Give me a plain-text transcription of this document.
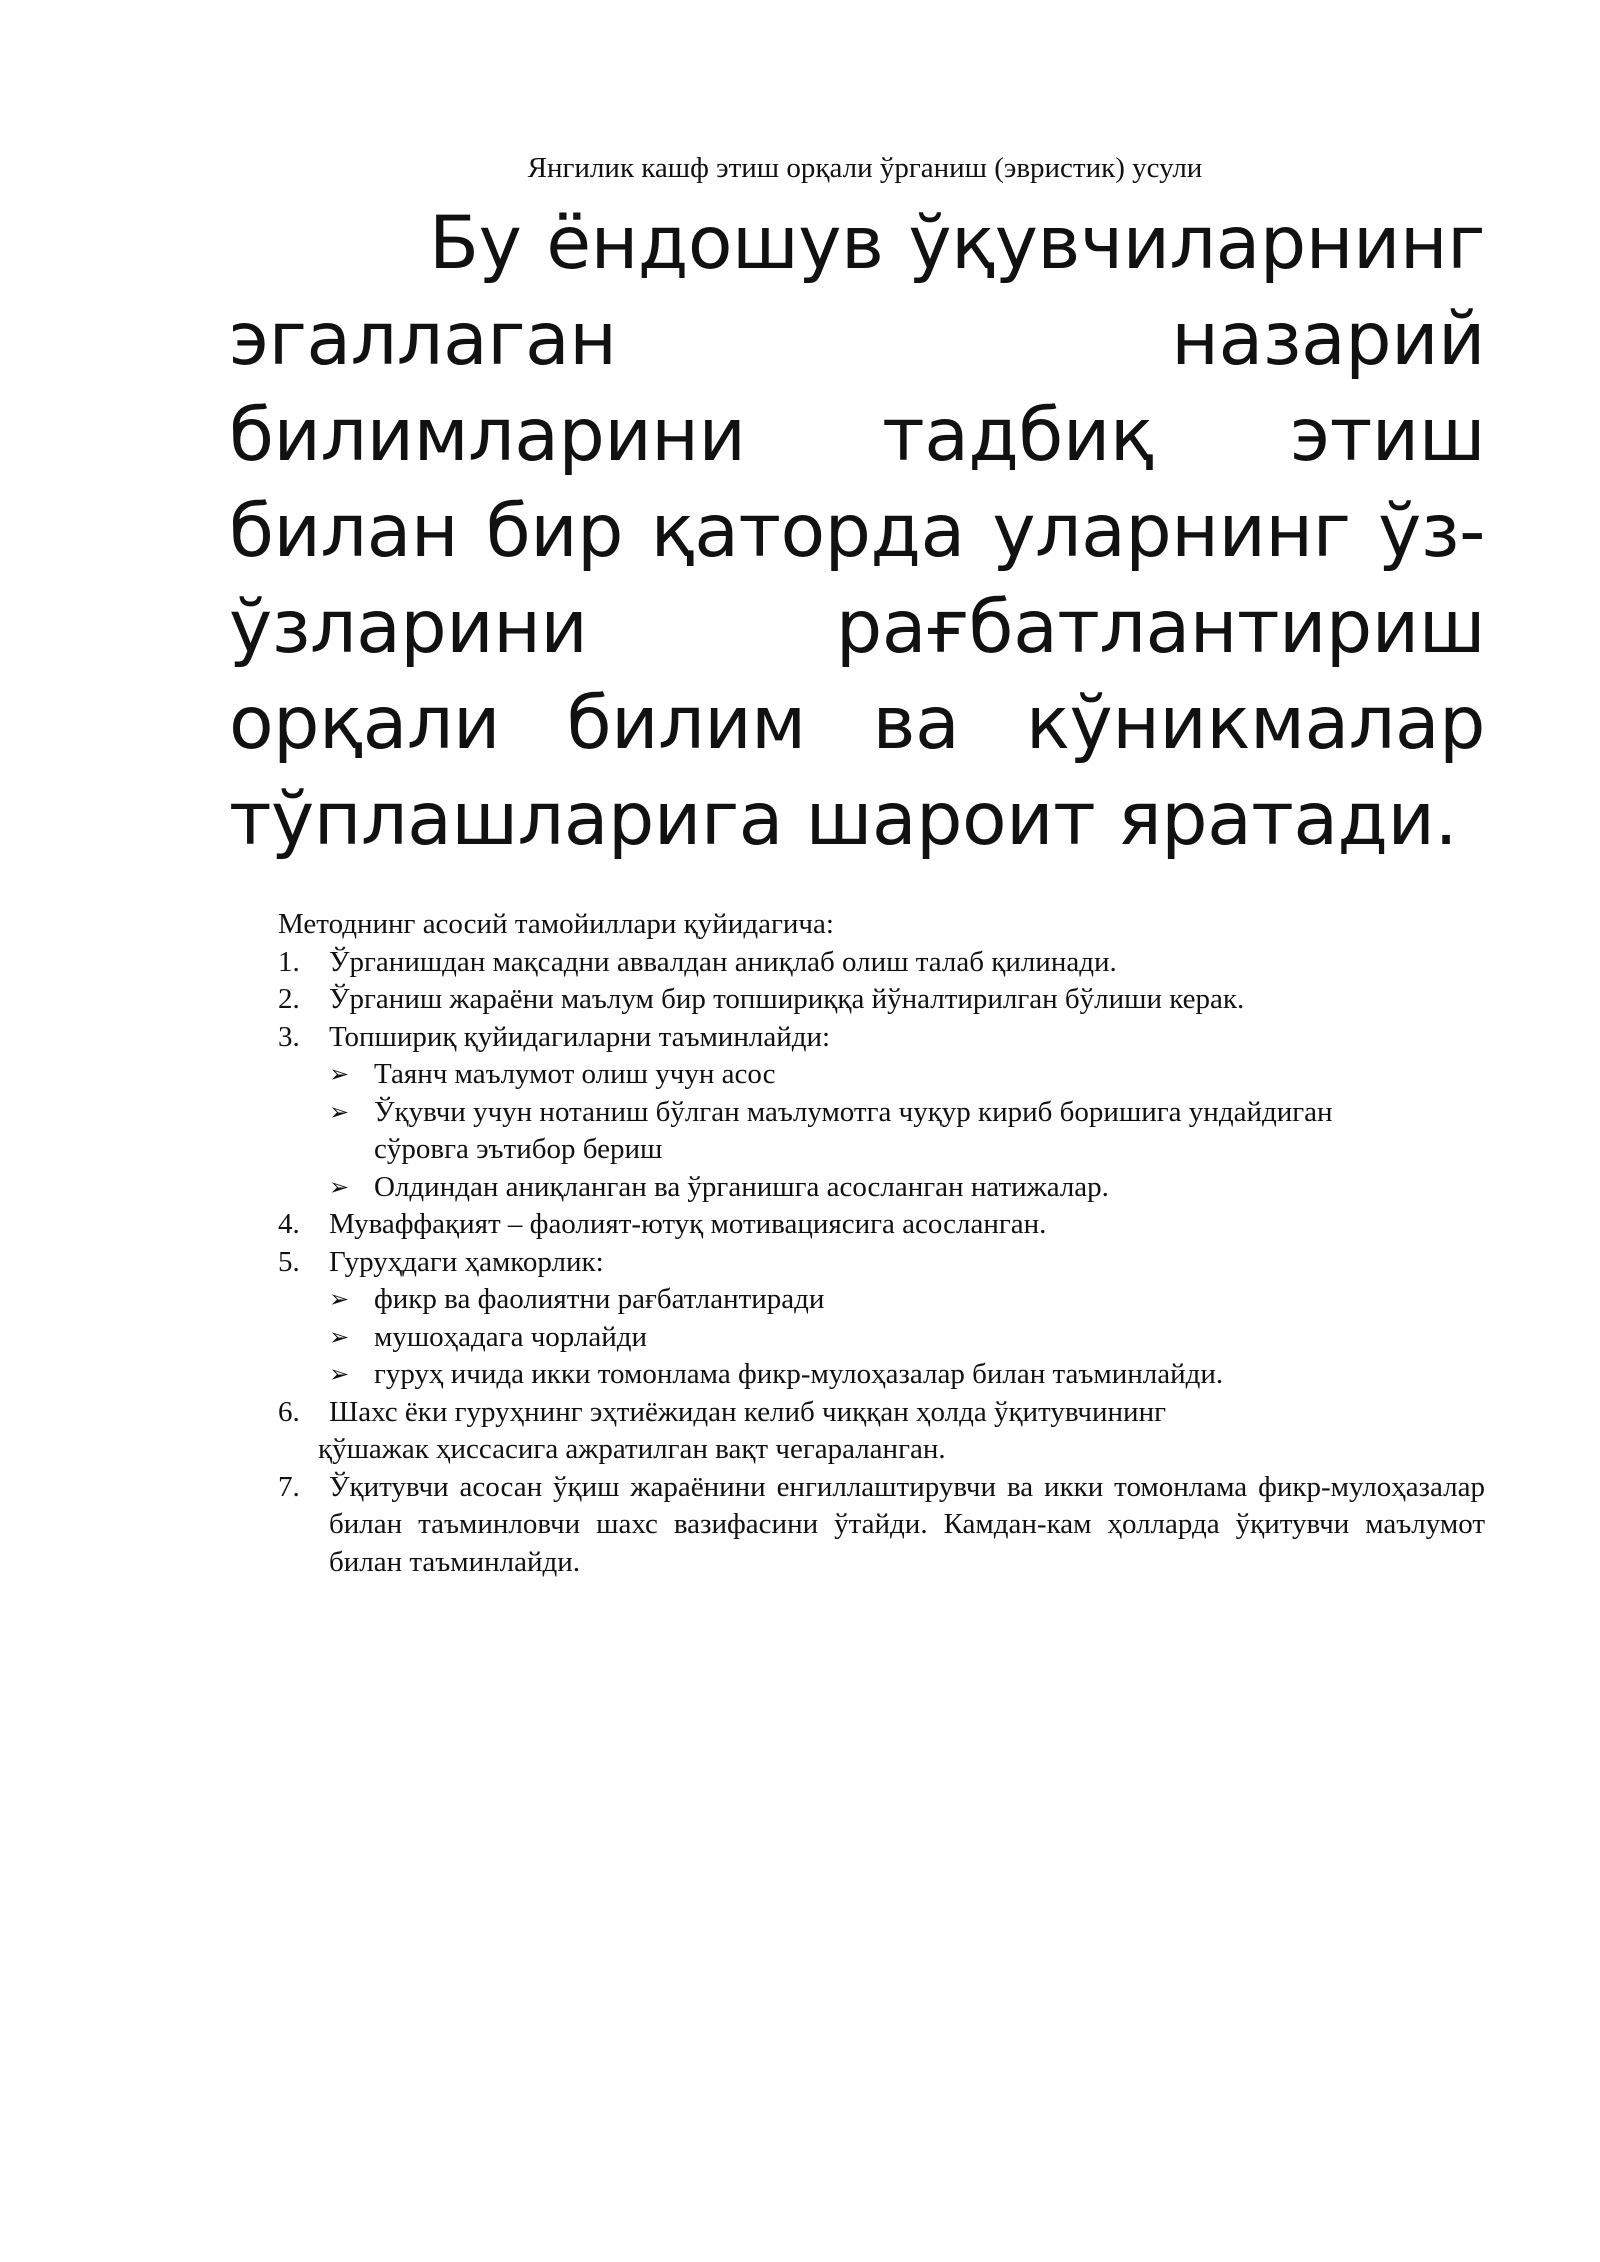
Янгилик кашф этиш орқали ўрганиш (эвристик) усули

Бу ёндошув ўқувчиларнинг эгаллаган назарий билимларини тадбиқ этиш билан бир қаторда уларнинг ўз-ўзларини рағбатлантириш орқали билим ва кўникмалар тўплашларига шароит яратади.

Методнинг асосий тамойиллари қуйидагича:
1. Ўрганишдан мақсадни аввалдан аниқлаб олиш талаб қилинади.
2. Ўрганиш жараёни маълум бир топшириққа йўналтирилган бўлиши керак.
3. Топшириқ қуйидагиларни таъминлайди:
➢ Таянч маълумот олиш учун асос
➢ Ўқувчи учун нотаниш бўлган маълумотга чуқур кириб боришига ундайдиган
сўровга эътибор бериш
➢ Олдиндан аниқланган ва ўрганишга асосланган натижалар.
4. Муваффақият – фаолият-ютуқ мотивациясига асосланган.
5. Гуруҳдаги ҳамкорлик:
➢ фикр ва фаолиятни рағбатлантиради
➢ мушоҳадага чорлайди
➢ гуруҳ ичида икки томонлама фикр-мулоҳазалар билан таъминлайди.
6. Шахс ёки гуруҳнинг эҳтиёжидан келиб чиққан ҳолда ўқитувчининг
қўшажак ҳиссасига ажратилган вақт чегараланган.
7. Ўқитувчи асосан ўқиш жараёнини енгиллаштирувчи ва икки томонлама фикр-мулоҳазалар билан таъминловчи шахс вазифасини ўтайди. Камдан-кам ҳолларда ўқитувчи маълумот билан таъминлайди.
